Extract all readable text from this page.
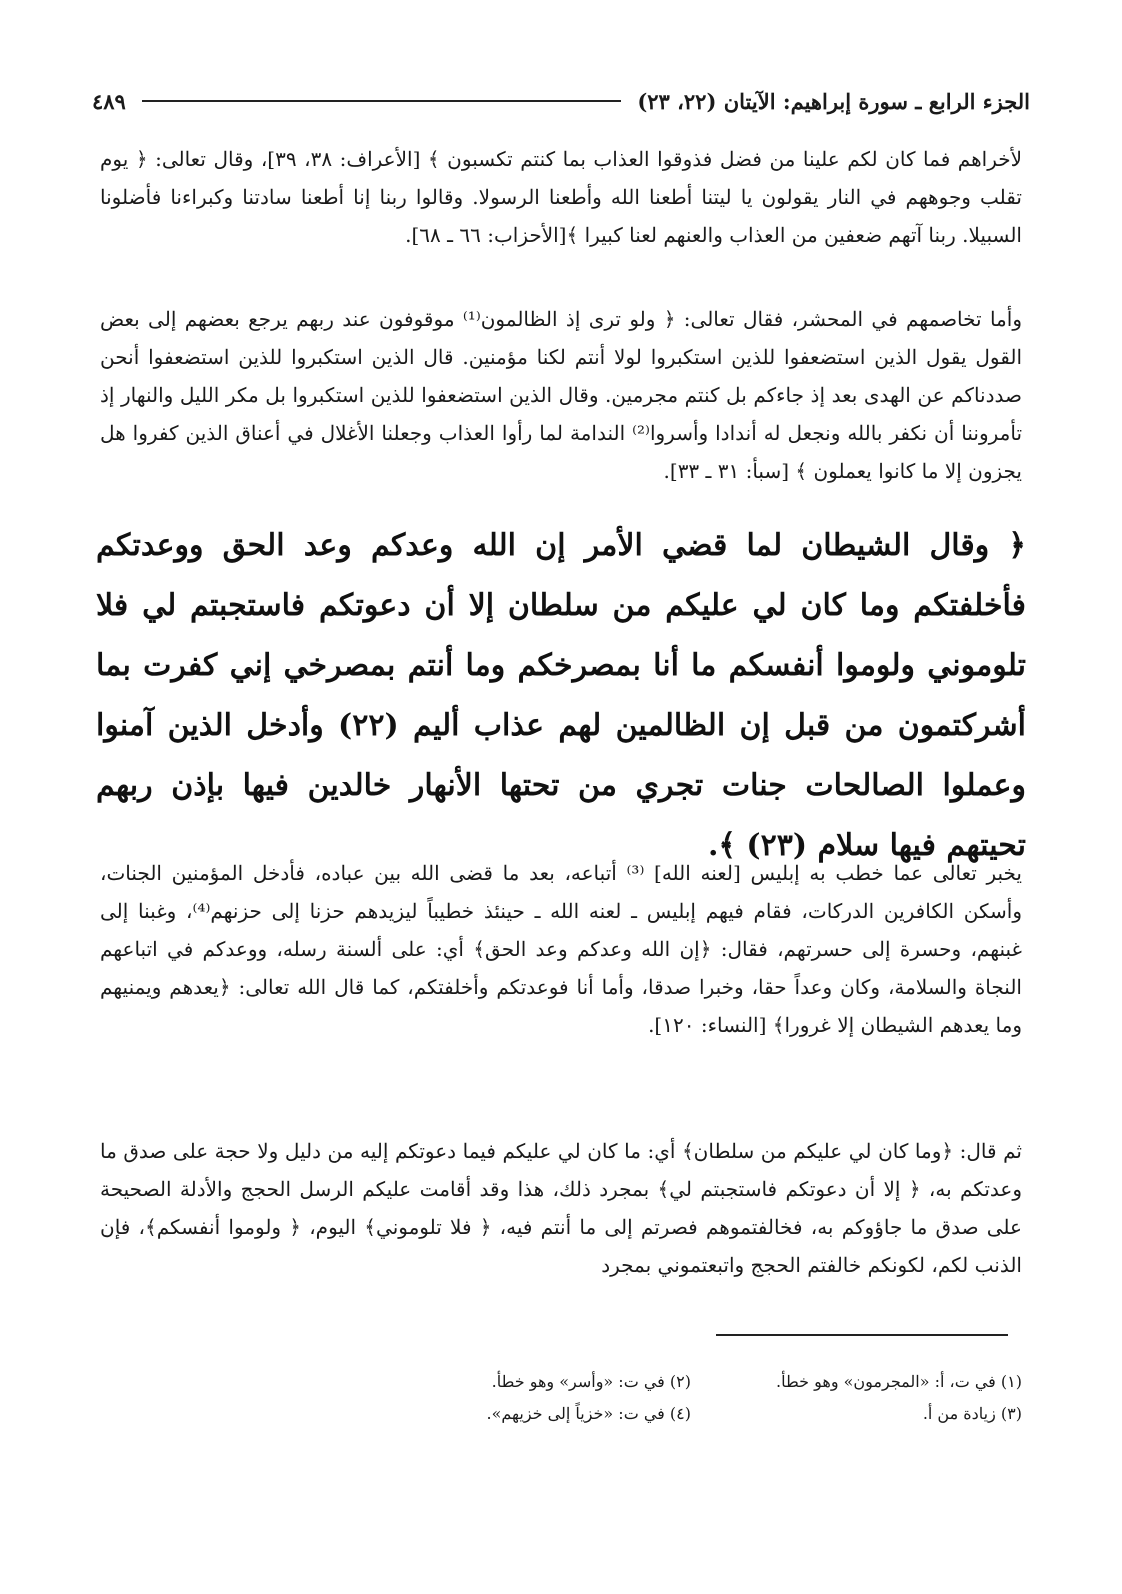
الجزء الرابع ـ سورة إبراهيم: الآيتان (٢٢، ٢٣)
٤٨٩

لأخراهم فما كان لكم علينا من فضل فذوقوا العذاب بما كنتم تكسبون ﴾ [الأعراف: ٣٨، ٣٩]، وقال تعالى: ﴿ يوم تقلب وجوههم في النار يقولون يا ليتنا أطعنا الله وأطعنا الرسولا. وقالوا ربنا إنا أطعنا سادتنا وكبراءنا فأضلونا السبيلا. ربنا آتهم ضعفين من العذاب والعنهم لعنا كبيرا ﴾[الأحزاب: ٦٦ ـ ٦٨].

وأما تخاصمهم في المحشر، فقال تعالى: ﴿ ولو ترى إذ الظالمون⁽¹⁾ موقوفون عند ربهم يرجع بعضهم إلى بعض القول يقول الذين استضعفوا للذين استكبروا لولا أنتم لكنا مؤمنين. قال الذين استكبروا للذين استضعفوا أنحن صددناكم عن الهدى بعد إذ جاءكم بل كنتم مجرمين. وقال الذين استضعفوا للذين استكبروا بل مكر الليل والنهار إذ تأمروننا أن نكفر بالله ونجعل له أندادا وأسروا⁽²⁾ الندامة لما رأوا العذاب وجعلنا الأغلال في أعناق الذين كفروا هل يجزون إلا ما كانوا يعملون ﴾ [سبأ: ٣١ ـ ٣٣].

﴿ وقال الشيطان لما قضي الأمر إن الله وعدكم وعد الحق ووعدتكم فأخلفتكم وما كان لي عليكم من سلطان إلا أن دعوتكم فاستجبتم لي فلا تلوموني ولوموا أنفسكم ما أنا بمصرخكم وما أنتم بمصرخي إني كفرت بما أشركتمون من قبل إن الظالمين لهم عذاب أليم (٢٢) وأدخل الذين آمنوا وعملوا الصالحات جنات تجري من تحتها الأنهار خالدين فيها بإذن ربهم تحيتهم فيها سلام (٢٣) ﴾.

يخبر تعالى عما خطب به إبليس [لعنه الله] ⁽³⁾ أتباعه، بعد ما قضى الله بين عباده، فأدخل المؤمنين الجنات، وأسكن الكافرين الدركات، فقام فيهم إبليس ـ لعنه الله ـ حينئذ خطيباً ليزيدهم حزنا إلى حزنهم⁽⁴⁾، وغبنا إلى غبنهم، وحسرة إلى حسرتهم، فقال: ﴿إن الله وعدكم وعد الحق﴾ أي: على ألسنة رسله، ووعدكم في اتباعهم النجاة والسلامة، وكان وعداً حقا، وخبرا صدقا، وأما أنا فوعدتكم وأخلفتكم، كما قال الله تعالى: ﴿يعدهم ويمنيهم وما يعدهم الشيطان إلا غرورا﴾ [النساء: ١٢٠].

ثم قال: ﴿وما كان لي عليكم من سلطان﴾ أي: ما كان لي عليكم فيما دعوتكم إليه من دليل ولا حجة على صدق ما وعدتكم به، ﴿ إلا أن دعوتكم فاستجبتم لي﴾ بمجرد ذلك، هذا وقد أقامت عليكم الرسل الحجج والأدلة الصحيحة على صدق ما جاؤوكم به، فخالفتموهم فصرتم إلى ما أنتم فيه، ﴿ فلا تلوموني﴾ اليوم، ﴿ ولوموا أنفسكم﴾، فإن الذنب لكم، لكونكم خالفتم الحجج واتبعتموني بمجرد

(١) في ت، أ: «المجرمون» وهو خطأ.
(٢) في ت: «وأسر» وهو خطأ.
(٣) زيادة من أ.
(٤) في ت: «خزياً إلى خزيهم».
